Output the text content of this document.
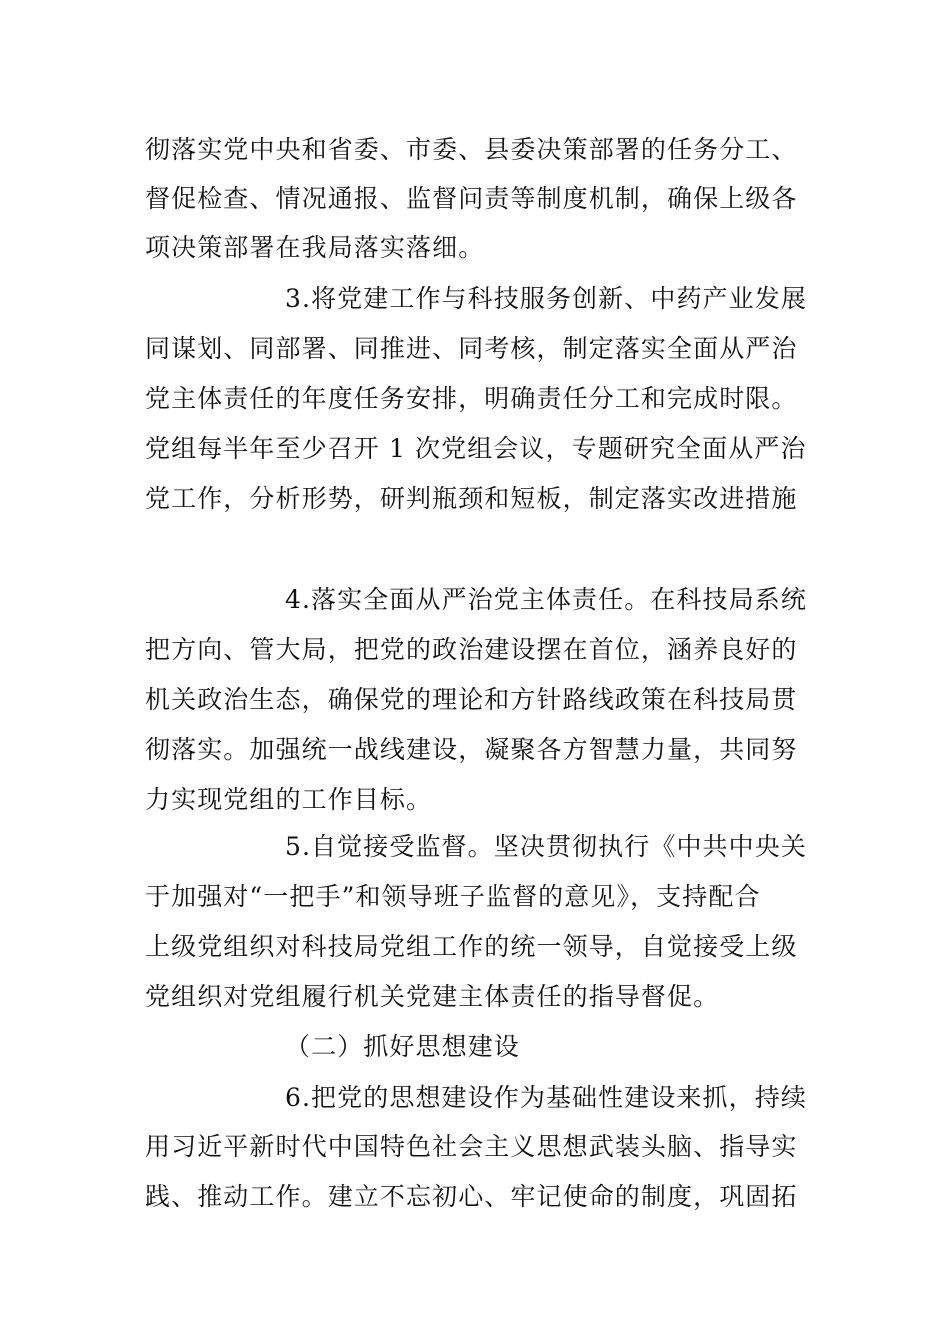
彻落实党中央和省委、市委、县委决策部署的任务分工、
督促检查、情况通报、监督问责等制度机制，确保上级各
项决策部署在我局落实落细。
3.将党建工作与科技服务创新、中药产业发展
同谋划、同部署、同推进、同考核，制定落实全面从严治
党主体责任的年度任务安排，明确责任分工和完成时限。
党组每半年至少召开 1 次党组会议，专题研究全面从严治
党工作，分析形势，研判瓶颈和短板，制定落实改进措施
4.落实全面从严治党主体责任。在科技局系统
把方向、管大局，把党的政治建设摆在首位，涵养良好的
机关政治生态，确保党的理论和方针路线政策在科技局贯
彻落实。加强统一战线建设，凝聚各方智慧力量，共同努
力实现党组的工作目标。
5.自觉接受监督。坚决贯彻执行《中共中央关
于加强对“一把手”和领导班子监督的意见》，支持配合
上级党组织对科技局党组工作的统一领导，自觉接受上级
党组织对党组履行机关党建主体责任的指导督促。
（二）抓好思想建设
6.把党的思想建设作为基础性建设来抓，持续
用习近平新时代中国特色社会主义思想武装头脑、指导实
践、推动工作。建立不忘初心、牢记使命的制度，巩固拓
